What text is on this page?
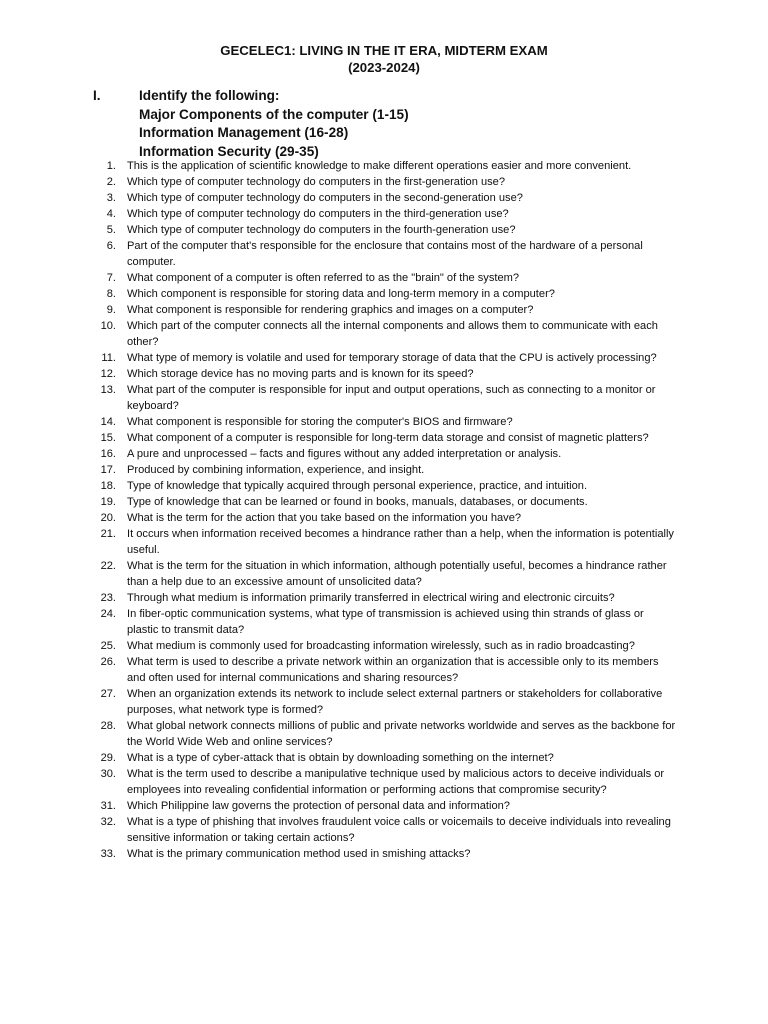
GECELEC1: LIVING IN THE IT ERA, MIDTERM EXAM
(2023-2024)
I.	Identify the following:
Major Components of the computer (1-15)
Information Management (16-28)
Information Security (29-35)
1. This is the application of scientific knowledge to make different operations easier and more convenient.
2. Which type of computer technology do computers in the first-generation use?
3. Which type of computer technology do computers in the second-generation use?
4. Which type of computer technology do computers in the third-generation use?
5. Which type of computer technology do computers in the fourth-generation use?
6. Part of the computer that's responsible for the enclosure that contains most of the hardware of a personal computer.
7. What component of a computer is often referred to as the "brain" of the system?
8. Which component is responsible for storing data and long-term memory in a computer?
9. What component is responsible for rendering graphics and images on a computer?
10. Which part of the computer connects all the internal components and allows them to communicate with each other?
11. What type of memory is volatile and used for temporary storage of data that the CPU is actively processing?
12. Which storage device has no moving parts and is known for its speed?
13. What part of the computer is responsible for input and output operations, such as connecting to a monitor or keyboard?
14. What component is responsible for storing the computer's BIOS and firmware?
15. What component of a computer is responsible for long-term data storage and consist of magnetic platters?
16. A pure and unprocessed – facts and figures without any added interpretation or analysis.
17. Produced by combining information, experience, and insight.
18. Type of knowledge that typically acquired through personal experience, practice, and intuition.
19. Type of knowledge that can be learned or found in books, manuals, databases, or documents.
20. What is the term for the action that you take based on the information you have?
21. It occurs when information received becomes a hindrance rather than a help, when the information is potentially useful.
22. What is the term for the situation in which information, although potentially useful, becomes a hindrance rather than a help due to an excessive amount of unsolicited data?
23. Through what medium is information primarily transferred in electrical wiring and electronic circuits?
24. In fiber-optic communication systems, what type of transmission is achieved using thin strands of glass or plastic to transmit data?
25. What medium is commonly used for broadcasting information wirelessly, such as in radio broadcasting?
26. What term is used to describe a private network within an organization that is accessible only to its members and often used for internal communications and sharing resources?
27. When an organization extends its network to include select external partners or stakeholders for collaborative purposes, what network type is formed?
28. What global network connects millions of public and private networks worldwide and serves as the backbone for the World Wide Web and online services?
29. What is a type of cyber-attack that is obtain by downloading something on the internet?
30. What is the term used to describe a manipulative technique used by malicious actors to deceive individuals or employees into revealing confidential information or performing actions that compromise security?
31. Which Philippine law governs the protection of personal data and information?
32. What is a type of phishing that involves fraudulent voice calls or voicemails to deceive individuals into revealing sensitive information or taking certain actions?
33. What is the primary communication method used in smishing attacks?
